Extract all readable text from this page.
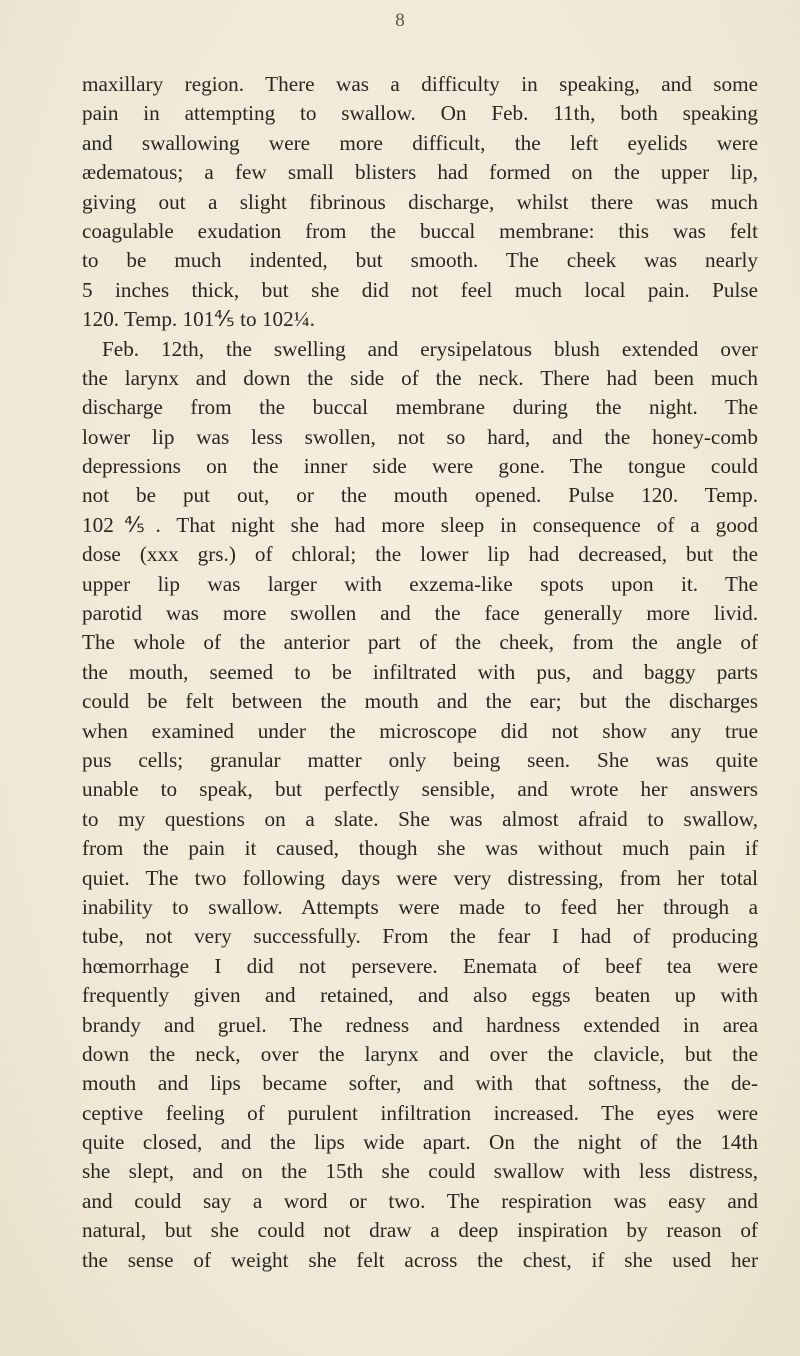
8
maxillary region. There was a difficulty in speaking, and some
pain in attempting to swallow. On Feb. 11th, both speaking
and swallowing were more difficult, the left eyelids were
ædematous; a few small blisters had formed on the upper lip,
giving out a slight fibrinous discharge, whilst there was much
coagulable exudation from the buccal membrane: this was felt
to be much indented, but smooth. The cheek was nearly
5 inches thick, but she did not feel much local pain. Pulse
120. Temp. 101⅘ to 102¼.
Feb. 12th, the swelling and erysipelatous blush extended over
the larynx and down the side of the neck. There had been much
discharge from the buccal membrane during the night. The
lower lip was less swollen, not so hard, and the honey-comb
depressions on the inner side were gone. The tongue could
not be put out, or the mouth opened. Pulse 120. Temp.
102⅘. That night she had more sleep in consequence of a good
dose (xxx grs.) of chloral; the lower lip had decreased, but the
upper lip was larger with exzema-like spots upon it. The
parotid was more swollen and the face generally more livid.
The whole of the anterior part of the cheek, from the angle of
the mouth, seemed to be infiltrated with pus, and baggy parts
could be felt between the mouth and the ear; but the discharges
when examined under the microscope did not show any true
pus cells; granular matter only being seen. She was quite
unable to speak, but perfectly sensible, and wrote her answers
to my questions on a slate. She was almost afraid to swallow,
from the pain it caused, though she was without much pain if
quiet. The two following days were very distressing, from her total
inability to swallow. Attempts were made to feed her through a
tube, not very successfully. From the fear I had of producing
hœmorrhage I did not persevere. Enemata of beef tea were
frequently given and retained, and also eggs beaten up with
brandy and gruel. The redness and hardness extended in area
down the neck, over the larynx and over the clavicle, but the
mouth and lips became softer, and with that softness, the de-
ceptive feeling of purulent infiltration increased. The eyes were
quite closed, and the lips wide apart. On the night of the 14th
she slept, and on the 15th she could swallow with less distress,
and could say a word or two. The respiration was easy and
natural, but she could not draw a deep inspiration by reason of
the sense of weight she felt across the chest, if she used her
